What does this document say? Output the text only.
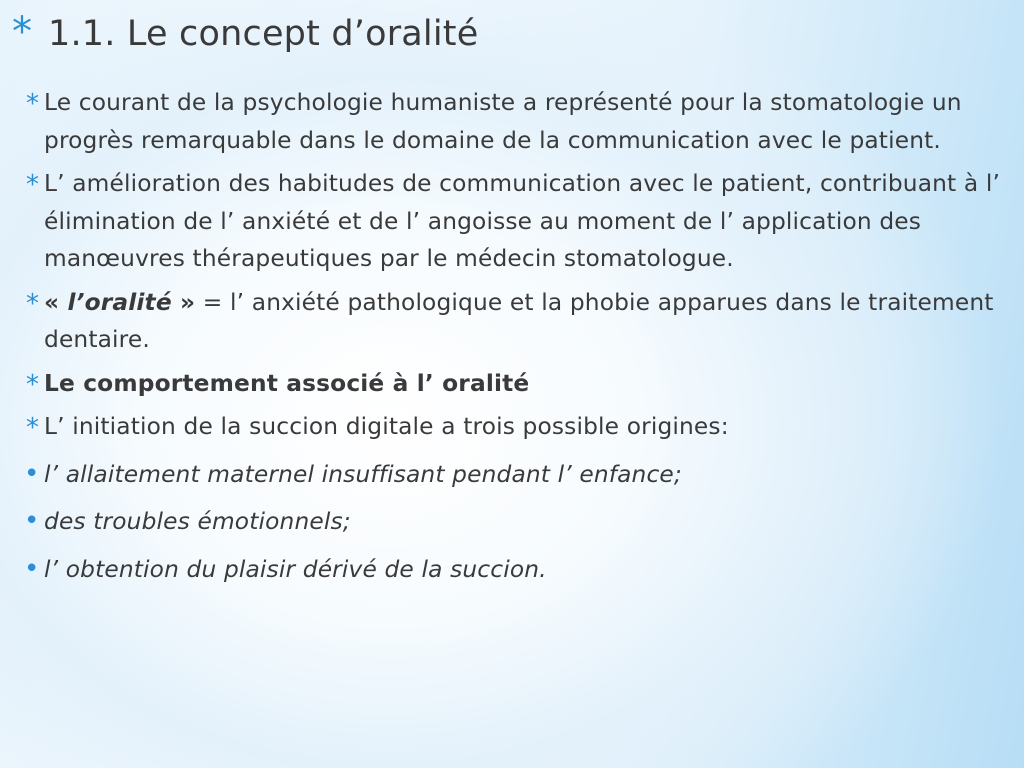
* 1.1. Le concept d’oralité
* Le courant de la psychologie humaniste a représenté pour la stomatologie un progrès remarquable dans le domaine de la communication avec le patient.
* L’ amélioration des habitudes de communication avec le patient, contribuant à l’ élimination de l’ anxiété et de l’ angoisse au moment de l’ application des manœuvres thérapeutiques par le médecin stomatologue.
* « l’oralité » = l’ anxiété pathologique et la phobie apparues dans le traitement dentaire.
* Le comportement associé à l’ oralité
* L’ initiation de la succion digitale a trois possible origines:
• l’ allaitement maternel insuffisant pendant l’ enfance;
• des troubles émotionnels;
• l’ obtention du plaisir dérivé de la succion.
